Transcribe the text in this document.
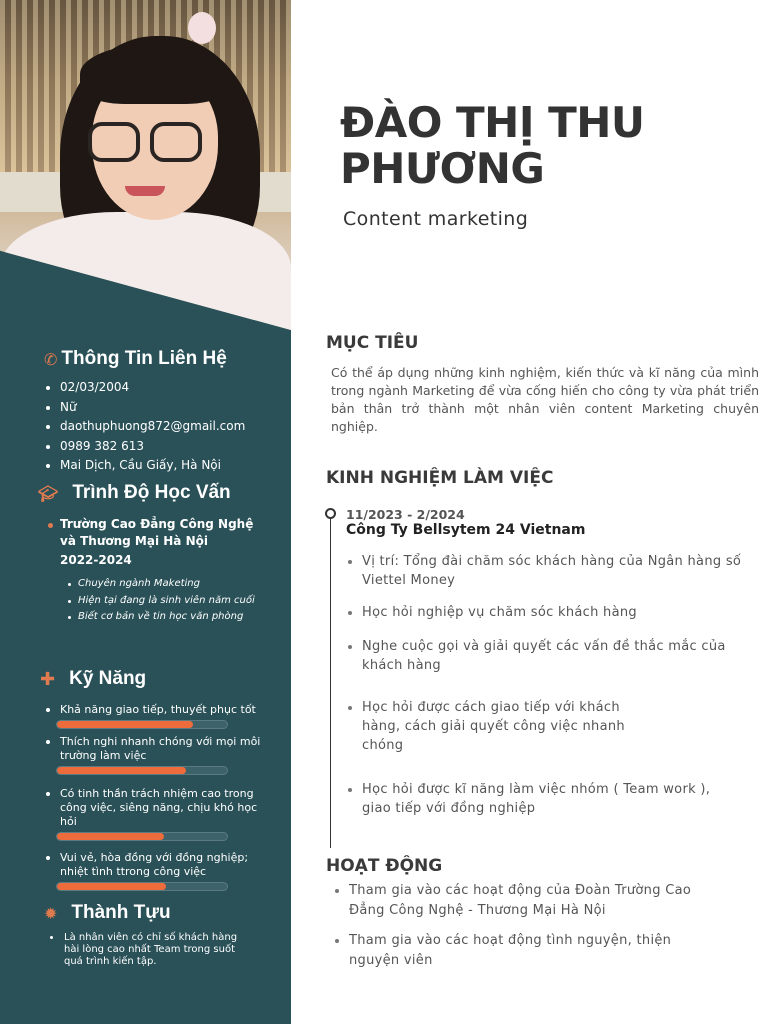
✆ Thông Tin Liên Hệ
02/03/2004
Nữ
daothuphuong872@gmail.com
0989 382 613
Mai Dịch, Cầu Giấy, Hà Nội
🎓︎ Trình Độ Học Vấn
Trường Cao Đẳng Công Nghệ và Thương Mại Hà Nội
2022-2024
Chuyên ngành Maketing
Hiện tại đang là sinh viên năm cuối
Biết cơ bản về tin học văn phòng
✚ Kỹ Năng
Khả năng giao tiếp, thuyết phục tốt
Thích nghi nhanh chóng với mọi môi trường làm việc
Có tinh thần trách nhiệm cao trong công việc, siêng năng, chịu khó học hỏi
Vui vẻ, hòa đồng với đồng nghiệp; nhiệt tình ttrong công việc
✹ Thành Tựu
Là nhân viên có chỉ số khách hàng hài lòng cao nhất Team trong suốt quá trình kiến tập.
ĐÀO THỊ THU PHƯƠNG
Content marketing
MỤC TIÊU
Có thể áp dụng những kinh nghiệm, kiến thức và kĩ năng của mình trong ngành Marketing để vừa cống hiến cho công ty vừa phát triển bản thân trở thành một nhân viên content Marketing chuyên nghiệp.
KINH NGHIỆM LÀM VIỆC
11/2023 - 2/2024
Công Ty Bellsytem 24 Vietnam
Vị trí: Tổng đài chăm sóc khách hàng của Ngân hàng số Viettel Money
Học hỏi nghiệp vụ chăm sóc khách hàng
Nghe cuộc gọi và giải quyết các vấn đề thắc mắc của khách hàng
Học hỏi được cách giao tiếp với khách hàng, cách giải quyết công việc nhanh chóng
Học hỏi được kĩ năng làm việc nhóm ( Team work ), giao tiếp với đồng nghiệp
HOẠT ĐỘNG
Tham gia vào các hoạt động của Đoàn Trường Cao Đẳng Công Nghệ - Thương Mại Hà Nội
Tham gia vào các hoạt động tình nguyện, thiện nguyện viên
